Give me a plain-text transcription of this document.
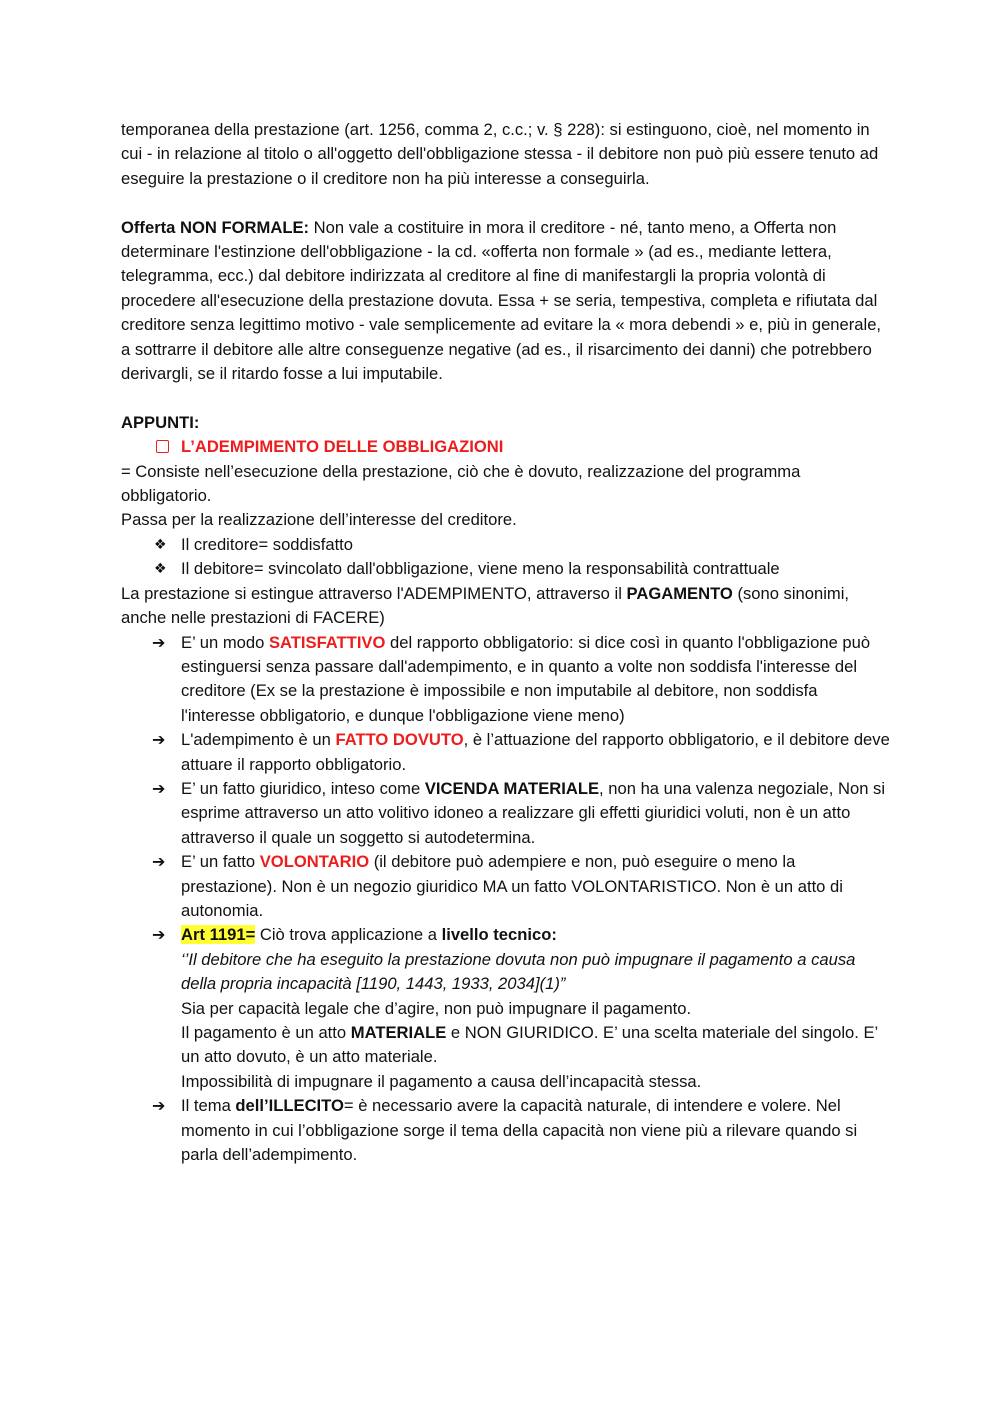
temporanea della prestazione (art. 1256, comma 2, c.c.; v. § 228): si estinguono, cioè, nel momento in cui - in relazione al titolo o all'oggetto dell'obbligazione stessa - il debitore non può più essere tenuto ad eseguire la prestazione o il creditore non ha più interesse a conseguirla.

Offerta NON FORMALE: Non vale a costituire in mora il creditore - né, tanto meno, a Offerta non determinare l'estinzione dell'obbligazione - la cd. «offerta non formale » (ad es., mediante lettera, telegramma, ecc.) dal debitore indirizzata al creditore al fine di manifestargli la propria volontà di procedere all'esecuzione della prestazione dovuta. Essa + se seria, tempestiva, completa e rifiutata dal creditore senza legittimo motivo - vale semplicemente ad evitare la « mora debendi » e, più in generale, a sottrarre il debitore alle altre conseguenze negative (ad es., il risarcimento dei danni) che potrebbero derivargli, se il ritardo fosse a lui imputabile.

APPUNTI:

L’ADEMPIMENTO DELLE OBBLIGAZIONI

= Consiste nell’esecuzione della prestazione, ciò che è dovuto, realizzazione del programma obbligatorio.

Passa per la realizzazione dell’interesse del creditore.

❖ Il creditore= soddisfatto
❖ Il debitore= svincolato dall'obbligazione, viene meno la responsabilità contrattuale

La prestazione si estingue attraverso l'ADEMPIMENTO, attraverso il PAGAMENTO (sono sinonimi, anche nelle prestazioni di FACERE)

➔ E’ un modo SATISFATTIVO del rapporto obbligatorio: si dice così in quanto l'obbligazione può estinguersi senza passare dall'adempimento, e in quanto a volte non soddisfa l'interesse del creditore (Ex se la prestazione è impossibile e non imputabile al debitore, non soddisfa l'interesse obbligatorio, e dunque l'obbligazione viene meno)
➔ L'adempimento è un FATTO DOVUTO, è l’attuazione del rapporto obbligatorio, e il debitore deve attuare il rapporto obbligatorio.
➔ E’ un fatto giuridico, inteso come VICENDA MATERIALE, non ha una valenza negoziale, Non si esprime attraverso un atto volitivo idoneo a realizzare gli effetti giuridici voluti, non è un atto attraverso il quale un soggetto si autodetermina.
➔ E’ un fatto VOLONTARIO (il debitore può adempiere e non, può eseguire o meno la prestazione). Non è un negozio giuridico MA un fatto VOLONTARISTICO. Non è un atto di autonomia.
➔ Art 1191= Ciò trova applicazione a livello tecnico:
‘’Il debitore che ha eseguito la prestazione dovuta non può impugnare il pagamento a causa della propria incapacità [1190, 1443, 1933, 2034](1)”
Sia per capacità legale che d’agire, non può impugnare il pagamento.
Il pagamento è un atto MATERIALE e NON GIURIDICO. E’ una scelta materiale del singolo. E’ un atto dovuto, è un atto materiale.
Impossibilità di impugnare il pagamento a causa dell’incapacità stessa.
➔ Il tema dell’ILLECITO= è necessario avere la capacità naturale, di intendere e volere. Nel momento in cui l’obbligazione sorge il tema della capacità non viene più a rilevare quando si parla dell’adempimento.
